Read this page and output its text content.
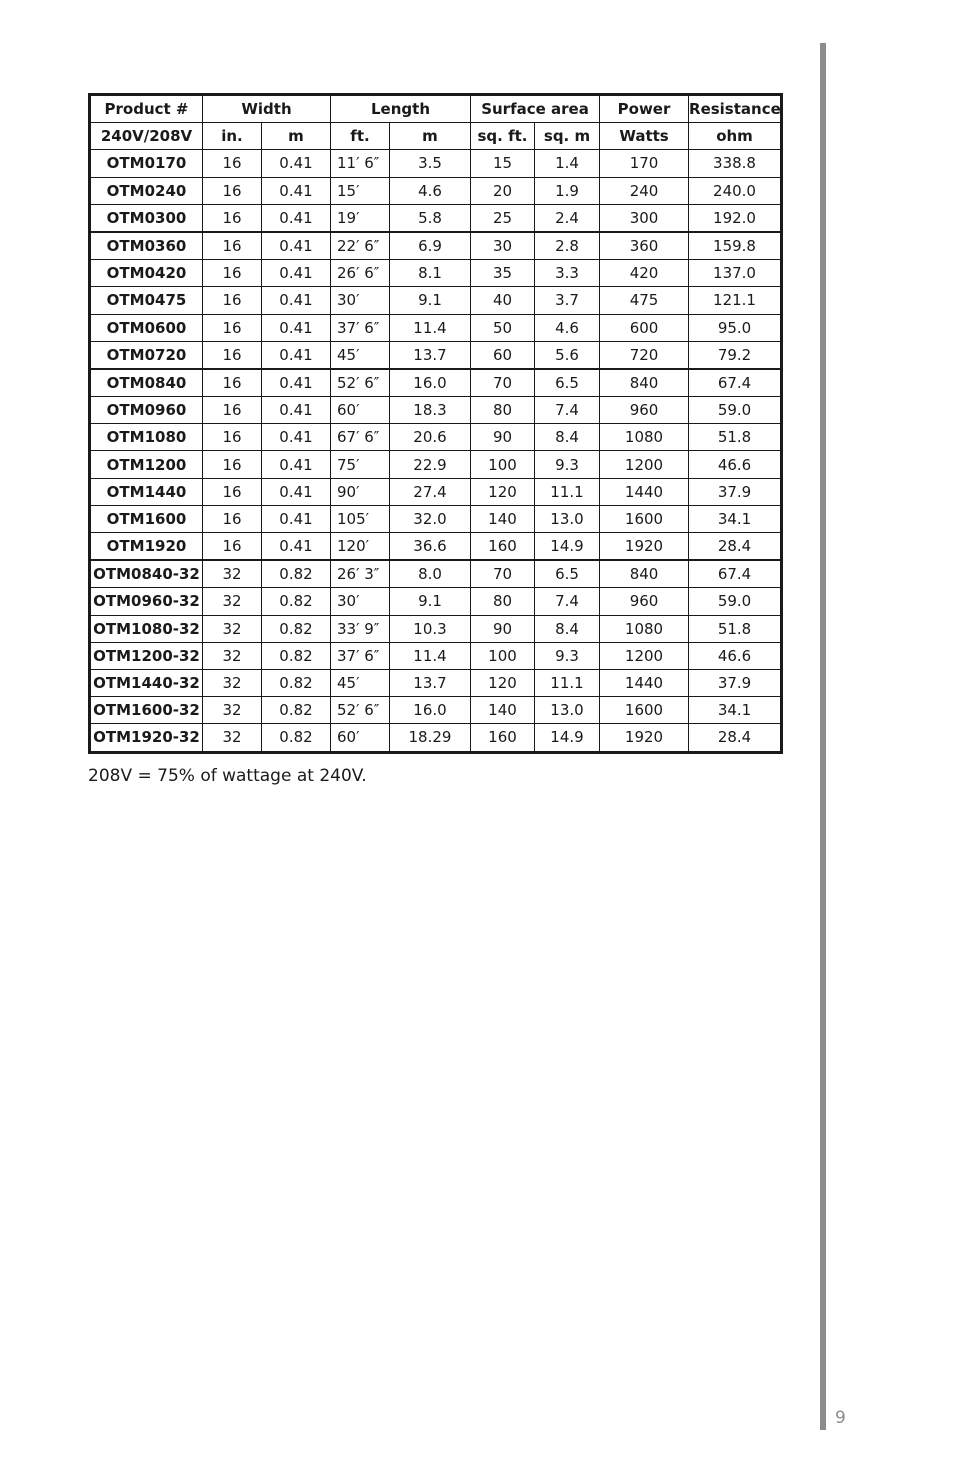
Product #	Width		Length		Surface area		Power	Resistance
240V/208V	in.	m	ft.	m	sq. ft.	sq. m	Watts	ohm
OTM0170	16	0.41	11′ 6″	3.5	15	1.4	170	338.8
OTM0240	16	0.41	15′	4.6	20	1.9	240	240.0
OTM0300	16	0.41	19′	5.8	25	2.4	300	192.0
OTM0360	16	0.41	22′ 6″	6.9	30	2.8	360	159.8
OTM0420	16	0.41	26′ 6″	8.1	35	3.3	420	137.0
OTM0475	16	0.41	30′	9.1	40	3.7	475	121.1
OTM0600	16	0.41	37′ 6″	11.4	50	4.6	600	95.0
OTM0720	16	0.41	45′	13.7	60	5.6	720	79.2
OTM0840	16	0.41	52′ 6″	16.0	70	6.5	840	67.4
OTM0960	16	0.41	60′	18.3	80	7.4	960	59.0
OTM1080	16	0.41	67′ 6″	20.6	90	8.4	1080	51.8
OTM1200	16	0.41	75′	22.9	100	9.3	1200	46.6
OTM1440	16	0.41	90′	27.4	120	11.1	1440	37.9
OTM1600	16	0.41	105′	32.0	140	13.0	1600	34.1
OTM1920	16	0.41	120′	36.6	160	14.9	1920	28.4
OTM0840-32	32	0.82	26′ 3″	8.0	70	6.5	840	67.4
OTM0960-32	32	0.82	30′	9.1	80	7.4	960	59.0
OTM1080-32	32	0.82	33′ 9″	10.3	90	8.4	1080	51.8
OTM1200-32	32	0.82	37′ 6″	11.4	100	9.3	1200	46.6
OTM1440-32	32	0.82	45′	13.7	120	11.1	1440	37.9
OTM1600-32	32	0.82	52′ 6″	16.0	140	13.0	1600	34.1
OTM1920-32	32	0.82	60′	18.29	160	14.9	1920	28.4
208V = 75% of wattage at 240V.
9
